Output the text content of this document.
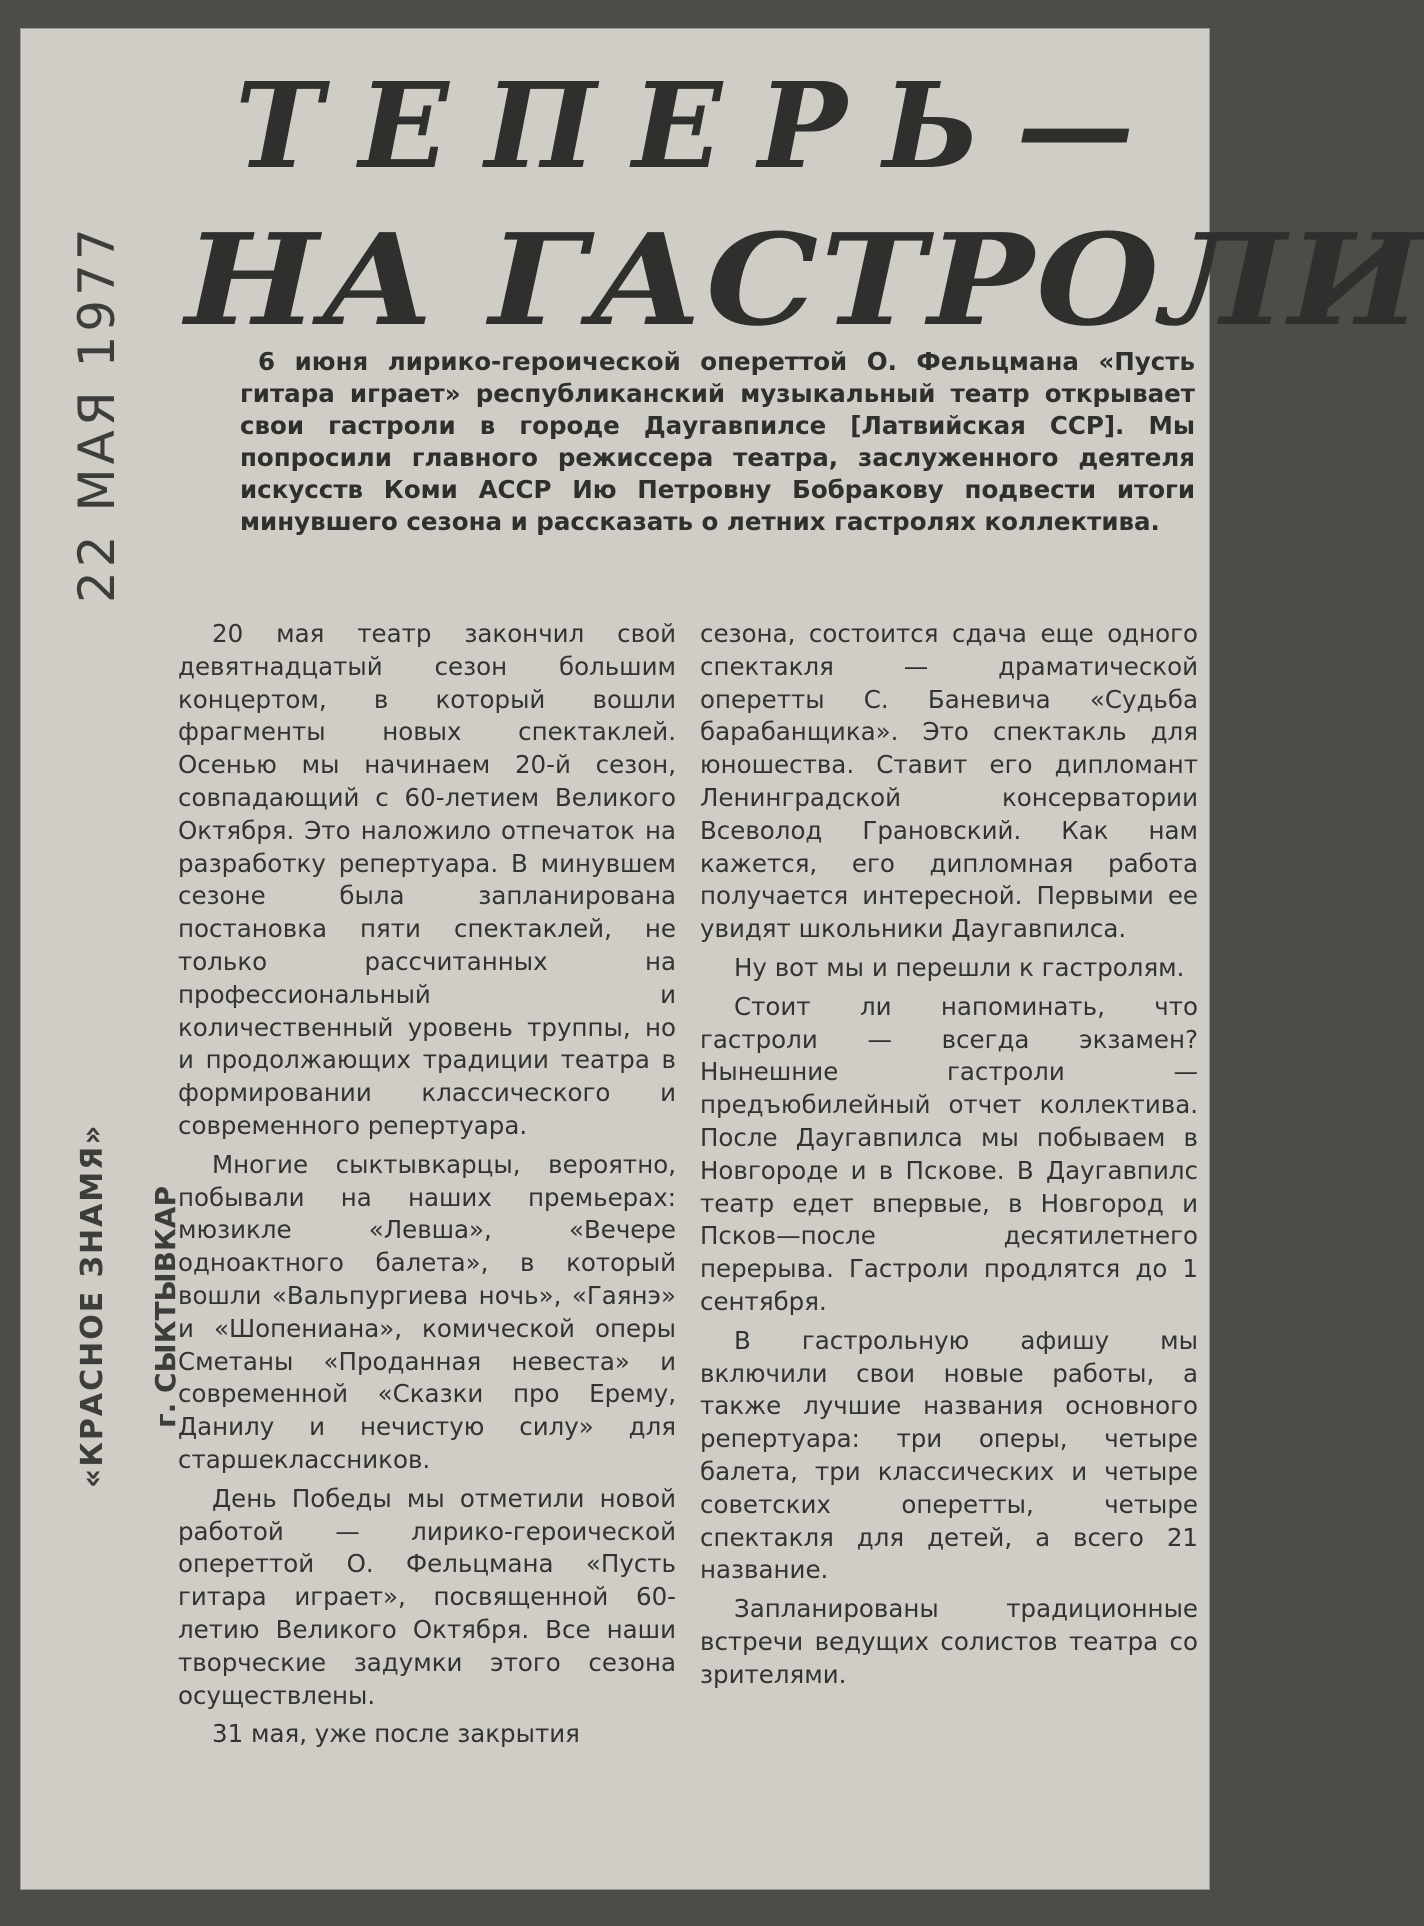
22 МАЯ 1977
«КРАСНОЕ ЗНАМЯ» г. СЫКТЫВКАР
ТЕПЕРЬ—
НА ГАСТРОЛИ
6 июня лирико-героической опереттой О. Фельцмана «Пусть гитара играет» республиканский музыкальный театр открывает свои гастроли в городе Даугавпилсе [Латвийская ССР]. Мы попросили главного режиссера театра, заслуженного деятеля искусств Коми АССР Ию Петровну Бобракову подвести итоги минувшего сезона и рассказать о летних гастролях коллектива.

20 мая театр закончил свой девятнадцатый сезон большим концертом, в который вошли фрагменты новых спектаклей. Осенью мы начинаем 20-й сезон, совпадающий с 60-летием Великого Октября. Это наложило отпечаток на разработку репертуара. В минувшем сезоне была запланирована постановка пяти спектаклей, не только рассчитанных на профессиональный и количественный уровень труппы, но и продолжающих традиции театра в формировании классического и современного репертуара.

Многие сыктывкарцы, вероятно, побывали на наших премьерах: мюзикле «Левша», «Вечере одноактного балета», в который вошли «Вальпургиева ночь», «Гаянэ» и «Шопениана», комической оперы Сметаны «Проданная невеста» и современной «Сказки про Ерему, Данилу и нечистую силу» для старшеклассников.

День Победы мы отметили новой работой — лирико-героической опереттой О. Фельцмана «Пусть гитара играет», посвященной 60-летию Великого Октября. Все наши творческие задумки этого сезона осуществлены.

31 мая, уже после закрытия

сезона, состоится сдача еще одного спектакля — драматической оперетты С. Баневича «Судьба барабанщика». Это спектакль для юношества. Ставит его дипломант Ленинградской консерватории Всеволод Грановский. Как нам кажется, его дипломная работа получается интересной. Первыми ее увидят школьники Даугавпилса.

Ну вот мы и перешли к гастролям.

Стоит ли напоминать, что гастроли — всегда экзамен? Нынешние гастроли — предъюбилейный отчет коллектива. После Даугавпилса мы побываем в Новгороде и в Пскове. В Даугавпилс театр едет впервые, в Новгород и Псков—после десятилетнего перерыва. Гастроли продлятся до 1 сентября.

В гастрольную афишу мы включили свои новые работы, а также лучшие названия основного репертуара: три оперы, четыре балета, три классических и четыре советских оперетты, четыре спектакля для детей, а всего 21 название.

Запланированы традиционные встречи ведущих солистов театра со зрителями.
